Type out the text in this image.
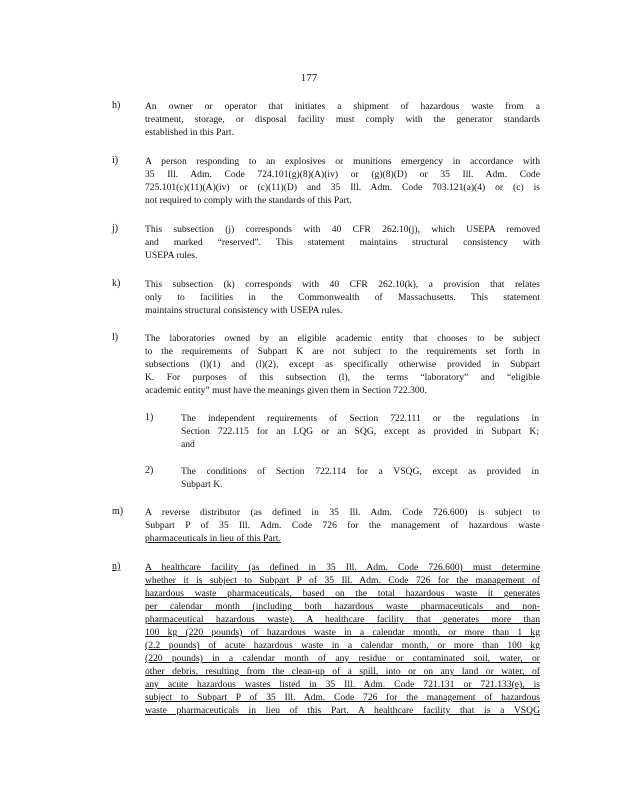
177
h)	An owner or operator that initiates a shipment of hazardous waste from a
treatment, storage, or disposal facility must comply with the generator standards
established in this Part.
i)	A person responding to an explosives or munitions emergency in accordance with
35 Ill. Adm. Code 724.101(g)(8)(A)(iv) or (g)(8)(D) or 35 Ill. Adm. Code
725.101(c)(11)(A)(iv) or (c)(11)(D) and 35 Ill. Adm. Code 703.121(a)(4) or (c) is
not required to comply with the standards of this Part.
j)	This subsection (j) corresponds with 40 CFR 262.10(j), which USEPA removed
and marked “reserved”. This statement maintains structural consistency with
USEPA rules.
k)	This subsection (k) corresponds with 40 CFR 262.10(k), a provision that relates
only to facilities in the Commonwealth of Massachusetts. This statement
maintains structural consistency with USEPA rules.
l)	The laboratories owned by an eligible academic entity that chooses to be subject
to the requirements of Subpart K are not subject to the requirements set forth in
subsections (l)(1) and (l)(2), except as specifically otherwise provided in Subpart
K. For purposes of this subsection (l), the terms “laboratory” and “eligible
academic entity” must have the meanings given them in Section 722.300.
1)	The independent requirements of Section 722.111 or the regulations in
Section 722.115 for an LQG or an SQG, except as provided in Subpart K;
and
2)	The conditions of Section 722.114 for a VSQG, except as provided in
Subpart K.
m) A reverse distributor (as defined in 35 Ill. Adm. Code 726.600) is subject to
Subpart P of 35 Ill. Adm. Code 726 for the management of hazardous waste
pharmaceuticals in lieu of this Part.
n)	A healthcare facility (as defined in 35 Ill. Adm. Code 726.600) must determine
whether it is subject to Subpart P of 35 Ill. Adm. Code 726 for the management of
hazardous waste pharmaceuticals, based on the total hazardous waste it generates
per calendar month (including both hazardous waste pharmaceuticals and non-
pharmaceutical hazardous waste). A healthcare facility that generates more than
100 kg (220 pounds) of hazardous waste in a calendar month, or more than 1 kg
(2.2 pounds) of acute hazardous waste in a calendar month, or more than 100 kg
(220 pounds) in a calendar month of any residue or contaminated soil, water, or
other debris, resulting from the clean-up of a spill, into or on any land or water, of
any acute hazardous wastes listed in 35 Ill. Adm. Code 721.131 or 721.133(e), is
subject to Subpart P of 35 Ill. Adm. Code 726 for the management of hazardous
waste pharmaceuticals in lieu of this Part. A healthcare facility that is a VSQG
